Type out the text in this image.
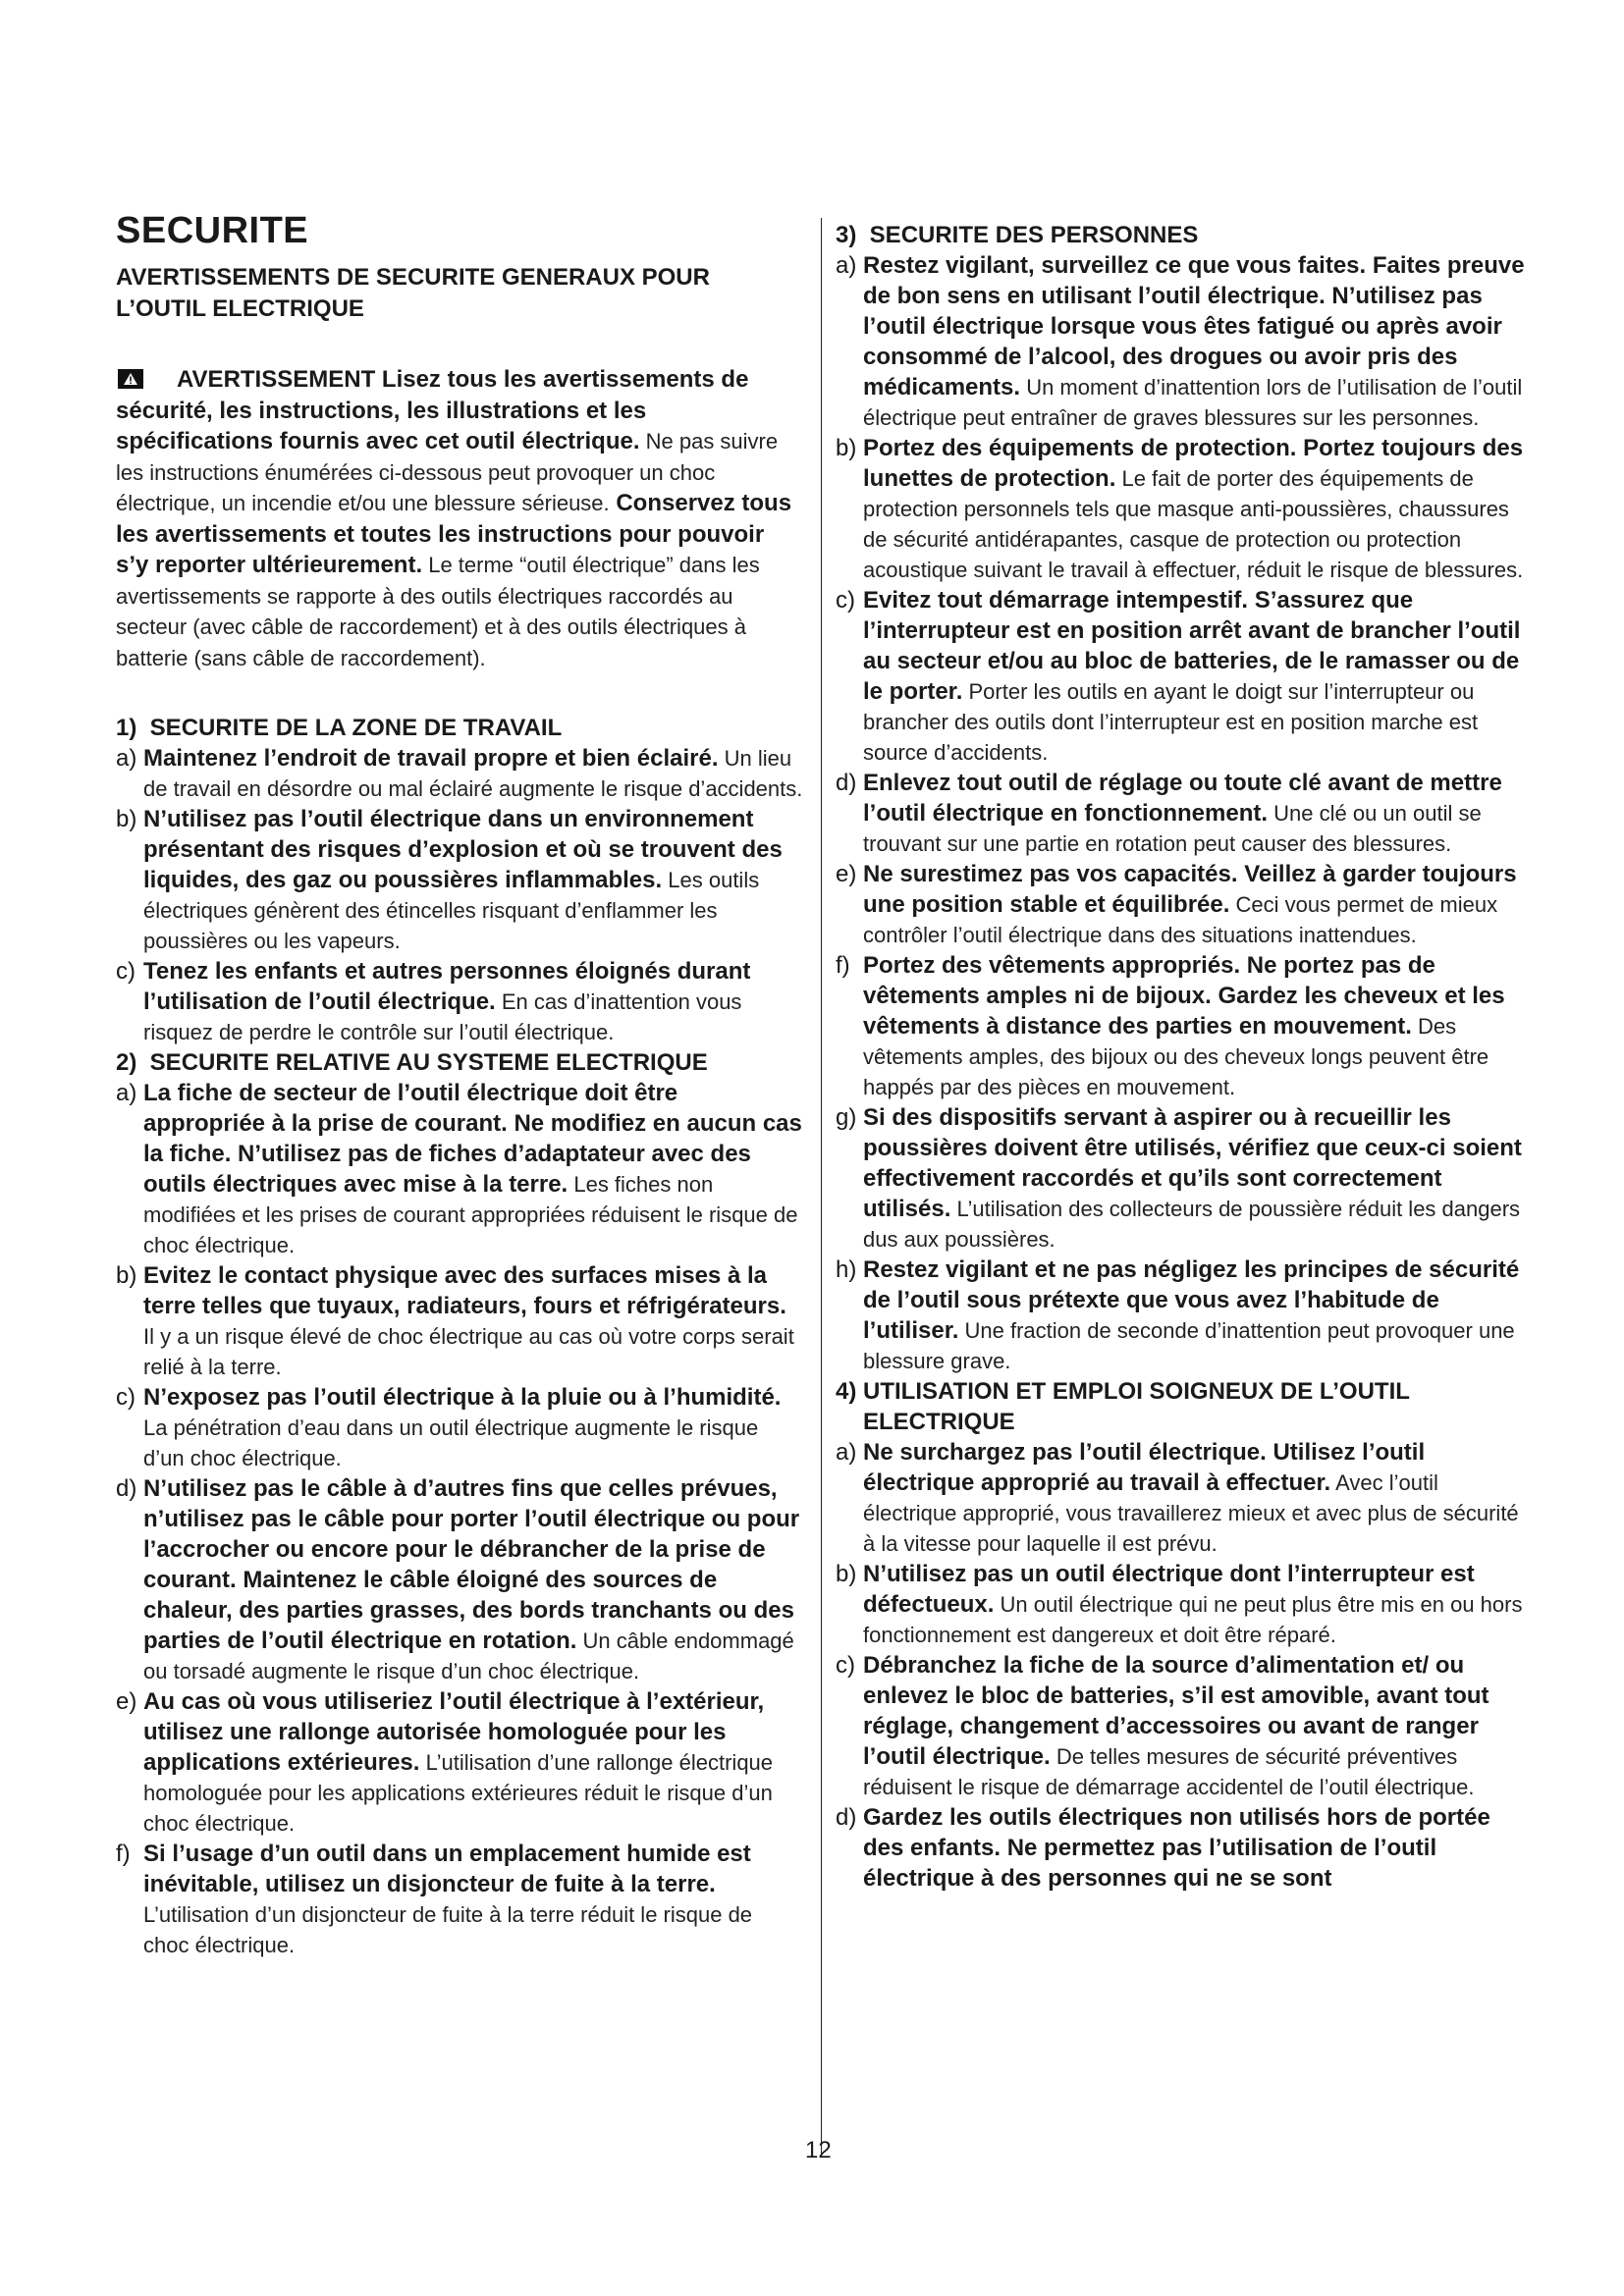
SECURITE
AVERTISSEMENTS DE SECURITE GENERAUX POUR L’OUTIL ELECTRIQUE

AVERTISSEMENT Lisez tous les avertissements de sécurité, les instructions, les illustrations et les spécifications fournis avec cet outil électrique. Ne pas suivre les instructions énumérées ci-dessous peut provoquer un choc électrique, un incendie et/ou une blessure sérieuse. Conservez tous les avertissements et toutes les instructions pour pouvoir s’y reporter ultérieurement. Le terme “outil électrique” dans les avertissements se rapporte à des outils électriques raccordés au secteur (avec câble de raccordement) et à des outils électriques à batterie (sans câble de raccordement).

1) SECURITE DE LA ZONE DE TRAVAIL
a) Maintenez l’endroit de travail propre et bien éclairé. Un lieu de travail en désordre ou mal éclairé augmente le risque d’accidents.
b) N’utilisez pas l’outil électrique dans un environnement présentant des risques d’explosion et où se trouvent des liquides, des gaz ou poussières inflammables. Les outils électriques génèrent des étincelles risquant d’enflammer les poussières ou les vapeurs.
c) Tenez les enfants et autres personnes éloignés durant l’utilisation de l’outil électrique. En cas d’inattention vous risquez de perdre le contrôle sur l’outil électrique.
2) SECURITE RELATIVE AU SYSTEME ELECTRIQUE
a) La fiche de secteur de l’outil électrique doit être appropriée à la prise de courant. Ne modifiez en aucun cas la fiche. N’utilisez pas de fiches d’adaptateur avec des outils électriques avec mise à la terre. Les fiches non modifiées et les prises de courant appropriées réduisent le risque de choc électrique.
b) Evitez le contact physique avec des surfaces mises à la terre telles que tuyaux, radiateurs, fours et réfrigérateurs. Il y a un risque élevé de choc électrique au cas où votre corps serait relié à la terre.
c) N’exposez pas l’outil électrique à la pluie ou à l’humidité. La pénétration d’eau dans un outil électrique augmente le risque d’un choc électrique.
d) N’utilisez pas le câble à d’autres fins que celles prévues, n’utilisez pas le câble pour porter l’outil électrique ou pour l’accrocher ou encore pour le débrancher de la prise de courant. Maintenez le câble éloigné des sources de chaleur, des parties grasses, des bords tranchants ou des parties de l’outil électrique en rotation. Un câble endommagé ou torsadé augmente le risque d’un choc électrique.
e) Au cas où vous utiliseriez l’outil électrique à l’extérieur, utilisez une rallonge autorisée homologuée pour les applications extérieures. L’utilisation d’une rallonge électrique homologuée pour les applications extérieures réduit le risque d’un choc électrique.
f) Si l’usage d’un outil dans un emplacement humide est inévitable, utilisez un disjoncteur de fuite à la terre. L’utilisation d’un disjoncteur de fuite à la terre réduit le risque de choc électrique.
3) SECURITE DES PERSONNES
a) Restez vigilant, surveillez ce que vous faites. Faites preuve de bon sens en utilisant l’outil électrique. N’utilisez pas l’outil électrique lorsque vous êtes fatigué ou après avoir consommé de l’alcool, des drogues ou avoir pris des médicaments. Un moment d’inattention lors de l’utilisation de l’outil électrique peut entraîner de graves blessures sur les personnes.
b) Portez des équipements de protection. Portez toujours des lunettes de protection. Le fait de porter des équipements de protection personnels tels que masque anti-poussières, chaussures de sécurité antidérapantes, casque de protection ou protection acoustique suivant le travail à effectuer, réduit le risque de blessures.
c) Evitez tout démarrage intempestif. S’assurez que l’interrupteur est en position arrêt avant de brancher l’outil au secteur et/ou au bloc de batteries, de le ramasser ou de le porter. Porter les outils en ayant le doigt sur l’interrupteur ou brancher des outils dont l’interrupteur est en position marche est source d’accidents.
d) Enlevez tout outil de réglage ou toute clé avant de mettre l’outil électrique en fonctionnement. Une clé ou un outil se trouvant sur une partie en rotation peut causer des blessures.
e) Ne surestimez pas vos capacités. Veillez à garder toujours une position stable et équilibrée. Ceci vous permet de mieux contrôler l’outil électrique dans des situations inattendues.
f) Portez des vêtements appropriés. Ne portez pas de vêtements amples ni de bijoux. Gardez les cheveux et les vêtements à distance des parties en mouvement. Des vêtements amples, des bijoux ou des cheveux longs peuvent être happés par des pièces en mouvement.
g) Si des dispositifs servant à aspirer ou à recueillir les poussières doivent être utilisés, vérifiez que ceux-ci soient effectivement raccordés et qu’ils sont correctement utilisés. L’utilisation des collecteurs de poussière réduit les dangers dus aux poussières.
h) Restez vigilant et ne pas négligez les principes de sécurité de l’outil sous prétexte que vous avez l’habitude de l’utiliser. Une fraction de seconde d’inattention peut provoquer une blessure grave.
4) UTILISATION ET EMPLOI SOIGNEUX DE L’OUTIL ELECTRIQUE
a) Ne surchargez pas l’outil électrique. Utilisez l’outil électrique approprié au travail à effectuer. Avec l’outil électrique approprié, vous travaillerez mieux et avec plus de sécurité à la vitesse pour laquelle il est prévu.
b) N’utilisez pas un outil électrique dont l’interrupteur est défectueux. Un outil électrique qui ne peut plus être mis en ou hors fonctionnement est dangereux et doit être réparé.
c) Débranchez la fiche de la source d’alimentation et/ ou enlevez le bloc de batteries, s’il est amovible, avant tout réglage, changement d’accessoires ou avant de ranger l’outil électrique. De telles mesures de sécurité préventives réduisent le risque de démarrage accidentel de l’outil électrique.
d) Gardez les outils électriques non utilisés hors de portée des enfants. Ne permettez pas l’utilisation de l’outil électrique à des personnes qui ne se sont
12
